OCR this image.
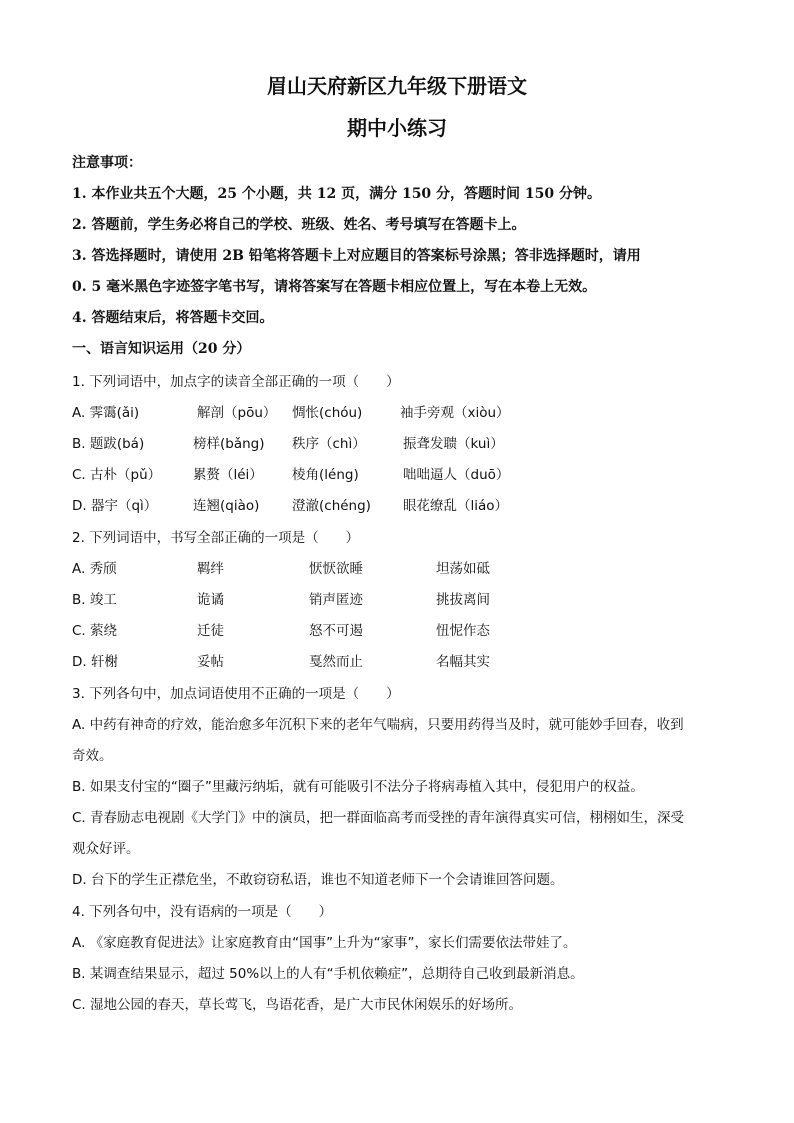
眉山天府新区九年级下册语文
期中小练习
注意事项：
1. 本作业共五个大题，25 个小题，共 12 页，满分 150 分，答题时间 150 分钟。
2. 答题前，学生务必将自己的学校、班级、姓名、考号填写在答题卡上。
3. 答选择题时，请使用 2B 铅笔将答题卡上对应题目的答案标号涂黑；答非选择题时，请用
0. 5 毫米黑色字迹签字笔书写，请将答案写在答题卡相应位置上，写在本卷上无效。
4. 答题结束后，将答题卡交回。
一、语言知识运用（20 分）
1. 下列词语中，加点字的读音全部正确的一项（　　）
A. 霁霭(ǎi)	解剖（pōu） 惆怅(chóu)	袖手旁观（xiòu）
B. 题跋(bá)	榜样(bǎng) 秩序（chì）	振聋发聩（kuì）
C. 古朴（pǔ） 累赘（léi） 棱角(léng)	咄咄逼人（duō）
D. 器宇（qì）	连翘(qiào) 澄澈(chéng) 眼花缭乱（liáo）
2. 下列词语中，书写全部正确的一项是（　　）
A. 秀颀	羁绊	恹恹欲睡	坦荡如砥
B. 竣工	诡谲	销声匿迹	挑拔离间
C. 萦绕	迁徒	怒不可遏	忸怩作态
D. 轩榭	妥帖	戛然而止	名幅其实
3. 下列各句中，加点词语使用不正确的一项是（　　）
A. 中药有神奇的疗效，能治愈多年沉积下来的老年气喘病，只要用药得当及时，就可能妙手回春，收到
奇效。
B. 如果支付宝的“圈子”里藏污纳垢，就有可能吸引不法分子将病毒植入其中，侵犯用户的权益。
C. 青春励志电视剧《大学门》中的演员，把一群面临高考而受挫的青年演得真实可信，栩栩如生，深受
观众好评。
D. 台下的学生正襟危坐，不敢窃窃私语，谁也不知道老师下一个会请谁回答问题。
4. 下列各句中，没有语病的一项是（　　）
A. 《家庭教育促进法》让家庭教育由“国事”上升为“家事”，家长们需要依法带娃了。
B. 某调查结果显示，超过 50%以上的人有“手机依赖症”，总期待自己收到最新消息。
C. 湿地公园的春天，草长莺飞，鸟语花香，是广大市民休闲娱乐的好场所。
